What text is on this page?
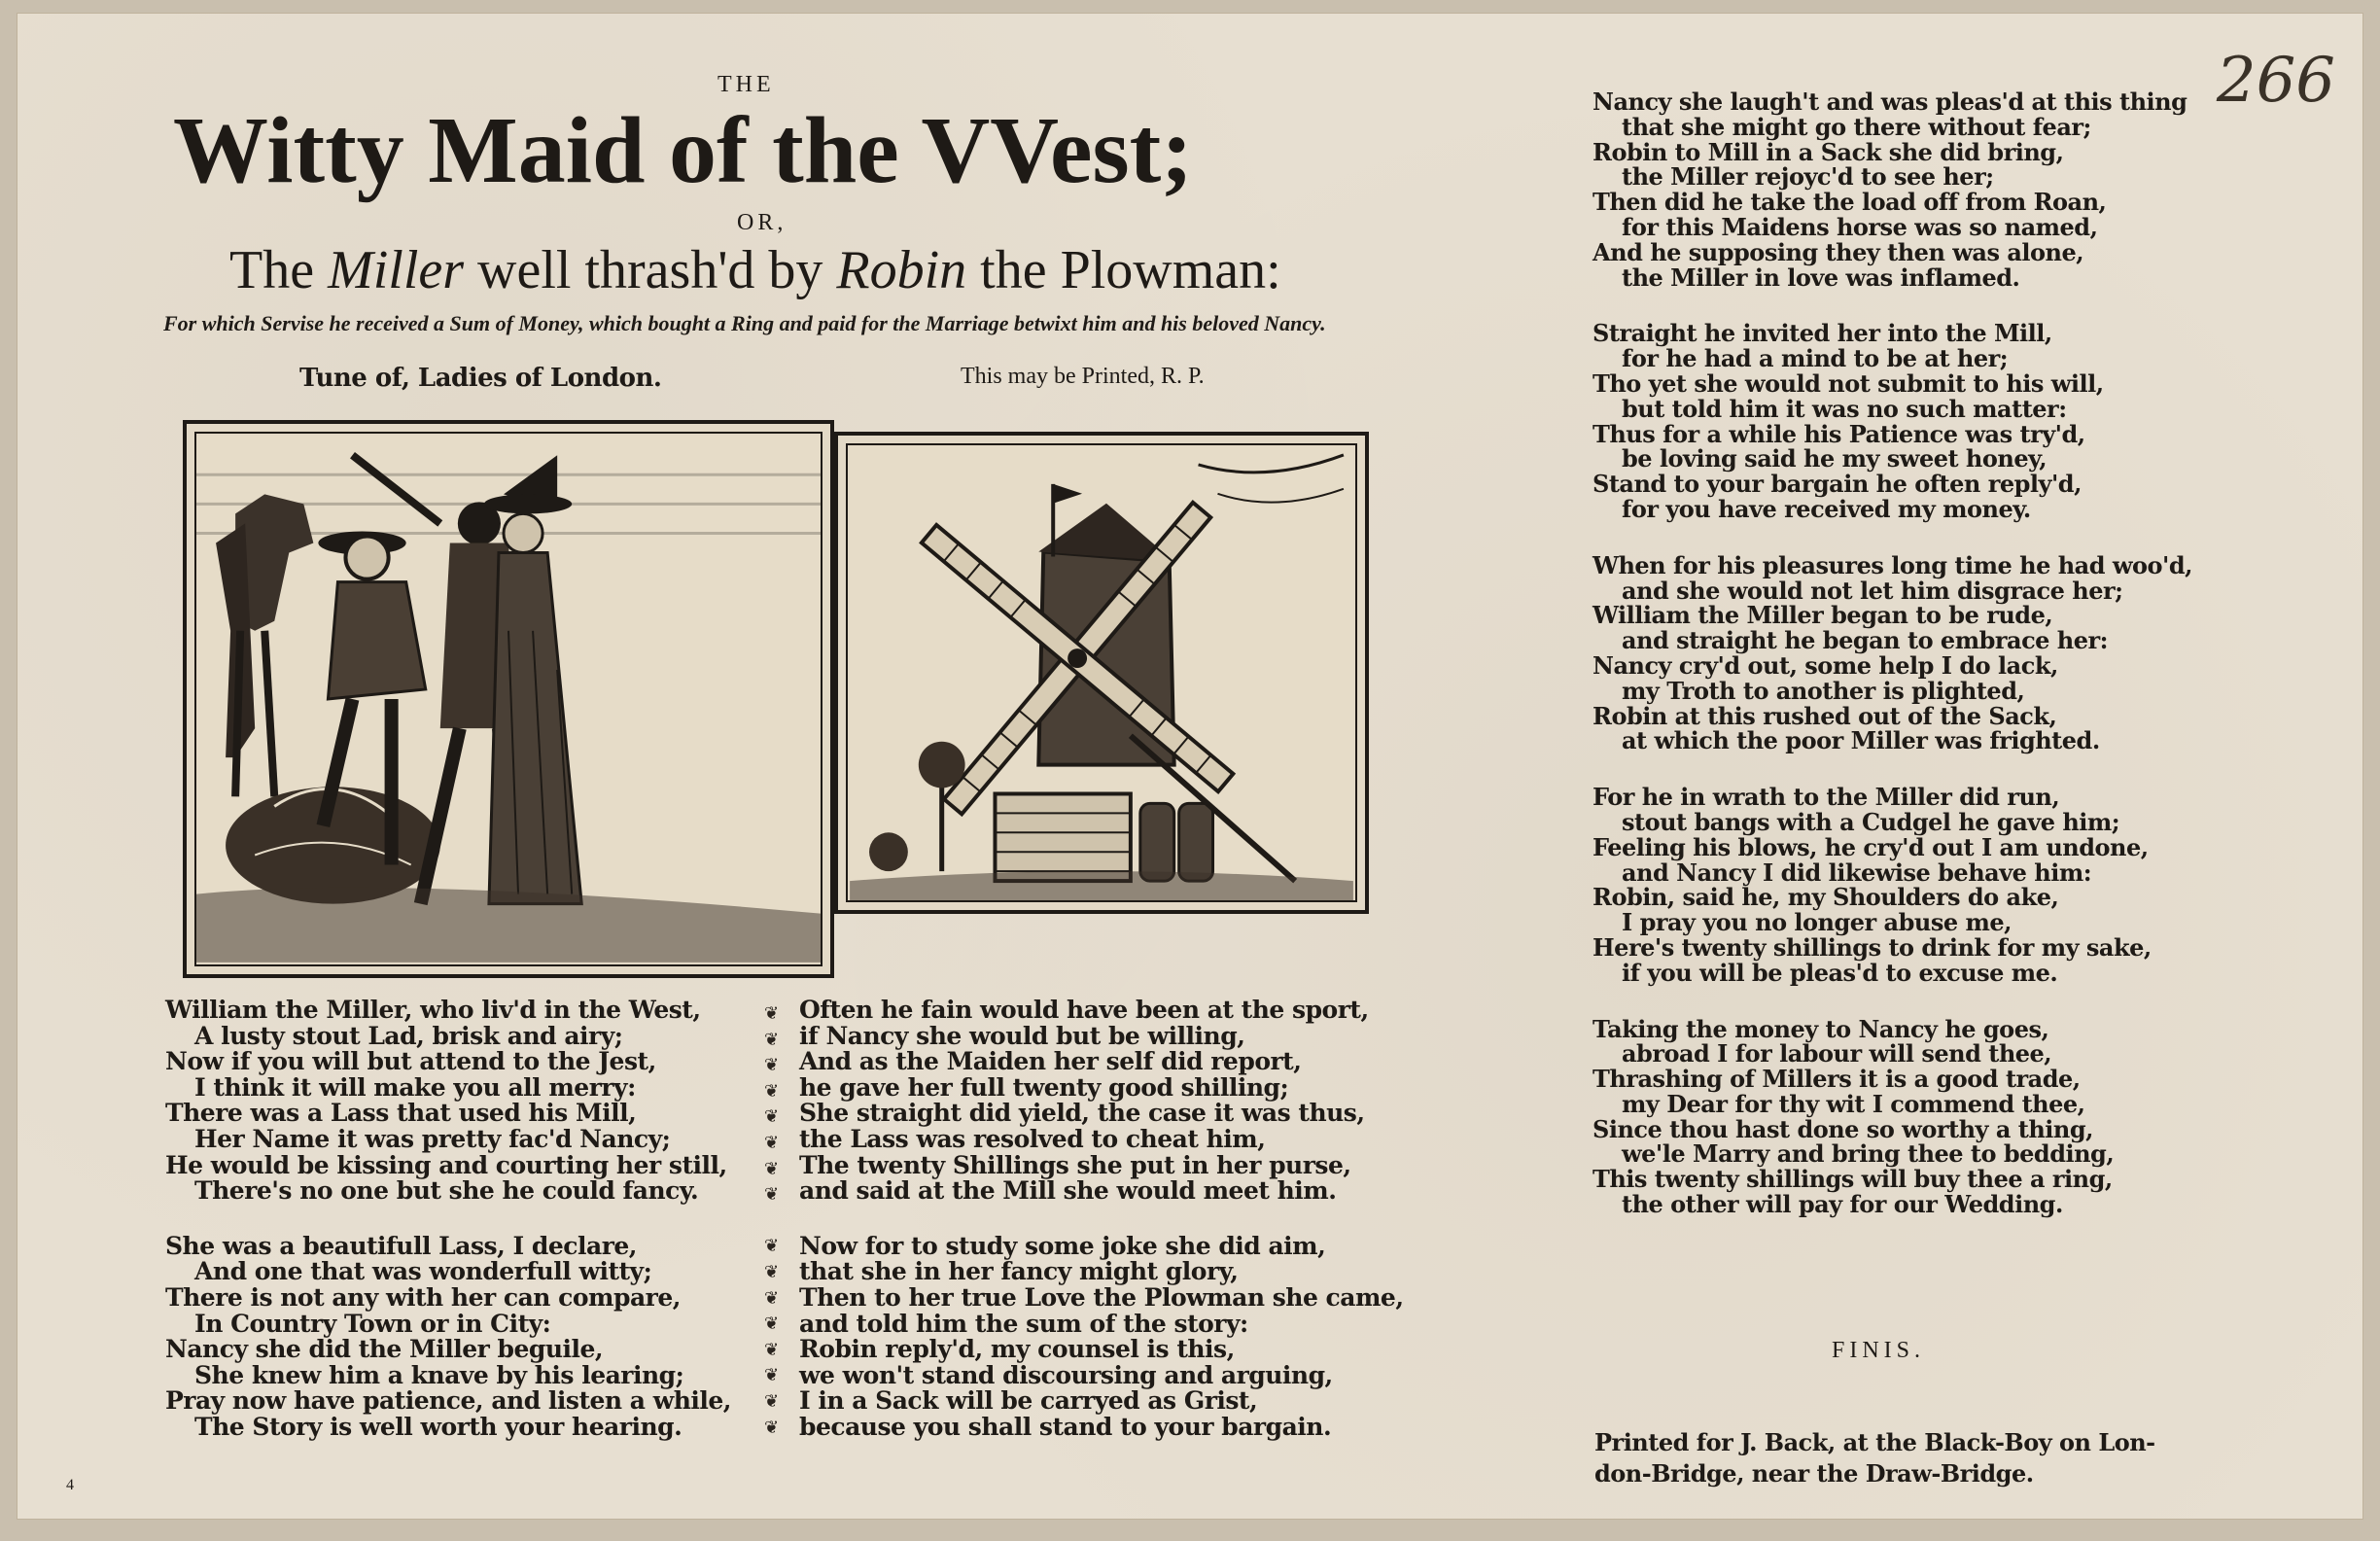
266
THE
Witty Maid of the VVest;
OR,
The Miller well thrash'd by Robin the Plowman:
For which Servise he received a Sum of Money, which bought a Ring and paid for the Marriage betwixt him and his beloved Nancy.
Tune of, Ladies of London.	This may be Printed, R. P.
William the Miller, who liv'd in the West,
A lusty stout Lad, brisk and airy;
Now if you will but attend to the Jest,
I think it will make you all merry:
There was a Lass that used his Mill,
Her Name it was pretty fac'd Nancy;
He would be kissing and courting her still,
There's no one but she he could fancy.
She was a beautifull Lass, I declare,
And one that was wonderfull witty;
There is not any with her can compare,
In Country Town or in City:
Nancy she did the Miller beguile,
She knew him a knave by his learing;
Pray now have patience, and listen a while,
The Story is well worth your hearing.
❦
❦
❦
❦
❦
❦
❦
❦

❦
❦
❦
❦
❦
❦
❦
❦
Often he fain would have been at the sport,
if Nancy she would but be willing,
And as the Maiden her self did report,
he gave her full twenty good shilling;
She straight did yield, the case it was thus,
the Lass was resolved to cheat him,
The twenty Shillings she put in her purse,
and said at the Mill she would meet him.
Now for to study some joke she did aim,
that she in her fancy might glory,
Then to her true Love the Plowman she came,
and told him the sum of the story:
Robin reply'd, my counsel is this,
we won't stand discoursing and arguing,
I in a Sack will be carryed as Grist,
because you shall stand to your bargain.
Nancy she laugh't and was pleas'd at this thing
that she might go there without fear;
Robin to Mill in a Sack she did bring,
the Miller rejoyc'd to see her;
Then did he take the load off from Roan,
for this Maidens horse was so named,
And he supposing they then was alone,
the Miller in love was inflamed.
Straight he invited her into the Mill,
for he had a mind to be at her;
Tho yet she would not submit to his will,
but told him it was no such matter:
Thus for a while his Patience was try'd,
be loving said he my sweet honey,
Stand to your bargain he often reply'd,
for you have received my money.
When for his pleasures long time he had woo'd,
and she would not let him disgrace her;
William the Miller began to be rude,
and straight he began to embrace her:
Nancy cry'd out, some help I do lack,
my Troth to another is plighted,
Robin at this rushed out of the Sack,
at which the poor Miller was frighted.
For he in wrath to the Miller did run,
stout bangs with a Cudgel he gave him;
Feeling his blows, he cry'd out I am undone,
and Nancy I did likewise behave him:
Robin, said he, my Shoulders do ake,
I pray you no longer abuse me,
Here's twenty shillings to drink for my sake,
if you will be pleas'd to excuse me.
Taking the money to Nancy he goes,
abroad I for labour will send thee,
Thrashing of Millers it is a good trade,
my Dear for thy wit I commend thee,
Since thou hast done so worthy a thing,
we'le Marry and bring thee to bedding,
This twenty shillings will buy thee a ring,
the other will pay for our Wedding.
FINIS.
Printed for J. Back, at the Black-Boy on Lon-
don-Bridge, near the Draw-Bridge.
4
